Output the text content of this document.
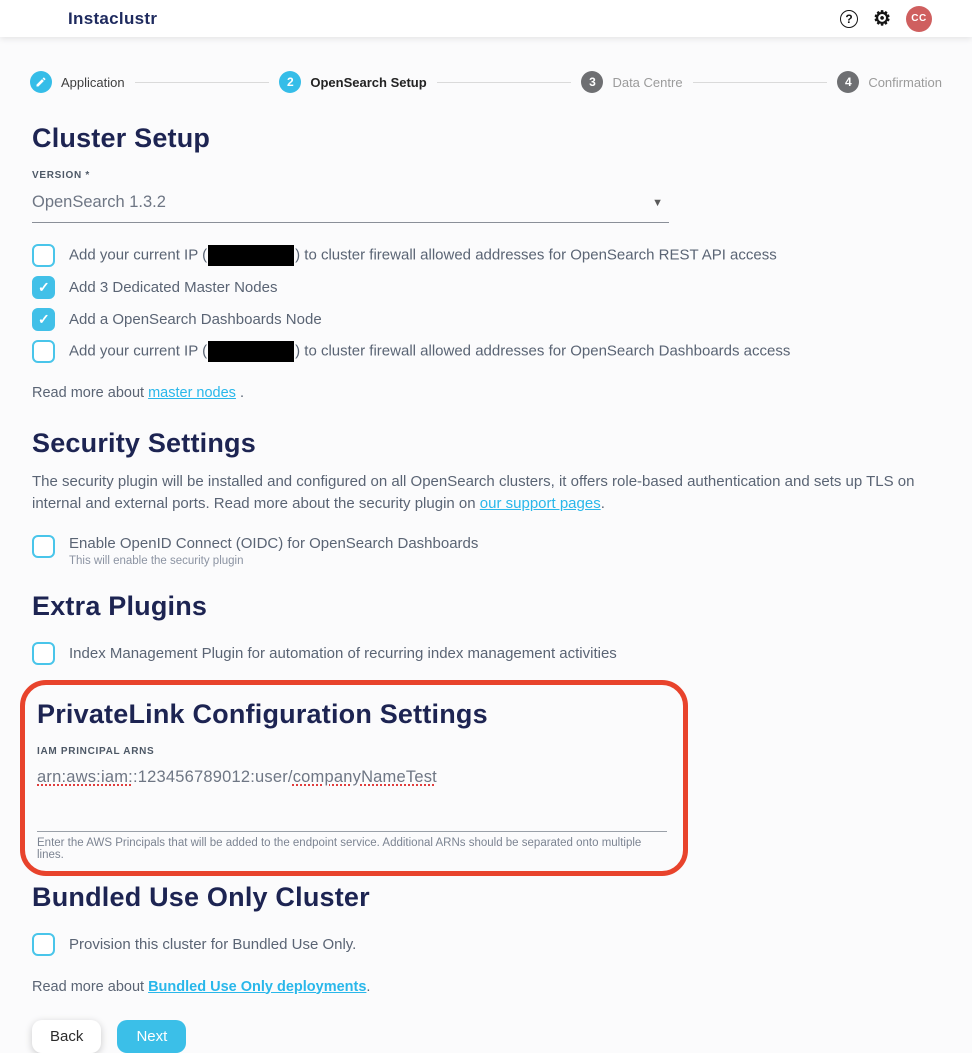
Instaclustr ? ⚙	CC
Application	2	OpenSearch Setup	3	Data Centre	4	Confirmation
Cluster Setup
VERSION *
OpenSearch 1.3.2
▼
Add your current IP (	) to cluster firewall allowed addresses for OpenSearch REST API access
✓
Add 3 Dedicated Master Nodes
✓
Add a OpenSearch Dashboards Node
Add your current IP (	) to cluster firewall allowed addresses for OpenSearch Dashboards access

Read more about master nodes .

Security Settings

The security plugin will be installed and configured on all OpenSearch clusters, it offers role-based authentication and sets up TLS on internal and external ports. Read more about the security plugin on our support pages.

Enable OpenID Connect (OIDC) for OpenSearch Dashboards
This will enable the security plugin
Extra Plugins
Index Management Plugin for automation of recurring index management activities
PrivateLink Configuration Settings
IAM PRINCIPAL ARNS
arn:aws:iam::123456789012:user/companyNameTest
Enter the AWS Principals that will be added to the endpoint service. Additional ARNs should be separated onto multiple lines.
Bundled Use Only Cluster
Provision this cluster for Bundled Use Only.

Read more about Bundled Use Only deployments.

Back	Next
